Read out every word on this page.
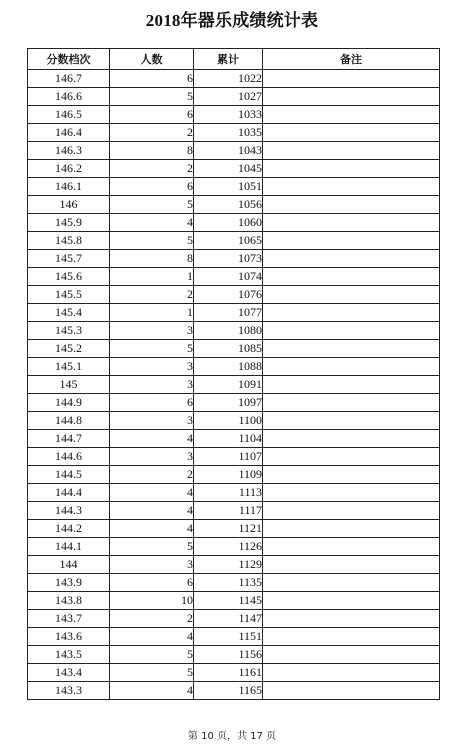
2018年器乐成绩统计表
分数档次	人数	累计	备注
146.7	6	1022	
146.6	5	1027	
146.5	6	1033	
146.4	2	1035	
146.3	8	1043	
146.2	2	1045	
146.1	6	1051	
146	5	1056	
145.9	4	1060	
145.8	5	1065	
145.7	8	1073	
145.6	1	1074	
145.5	2	1076	
145.4	1	1077	
145.3	3	1080	
145.2	5	1085	
145.1	3	1088	
145	3	1091	
144.9	6	1097	
144.8	3	1100	
144.7	4	1104	
144.6	3	1107	
144.5	2	1109	
144.4	4	1113	
144.3	4	1117	
144.2	4	1121	
144.1	5	1126	
144	3	1129	
143.9	6	1135	
143.8	10	1145	
143.7	2	1147	
143.6	4	1151	
143.5	5	1156	
143.4	5	1161	
143.3	4	1165	
第 10 页，共 17 页
